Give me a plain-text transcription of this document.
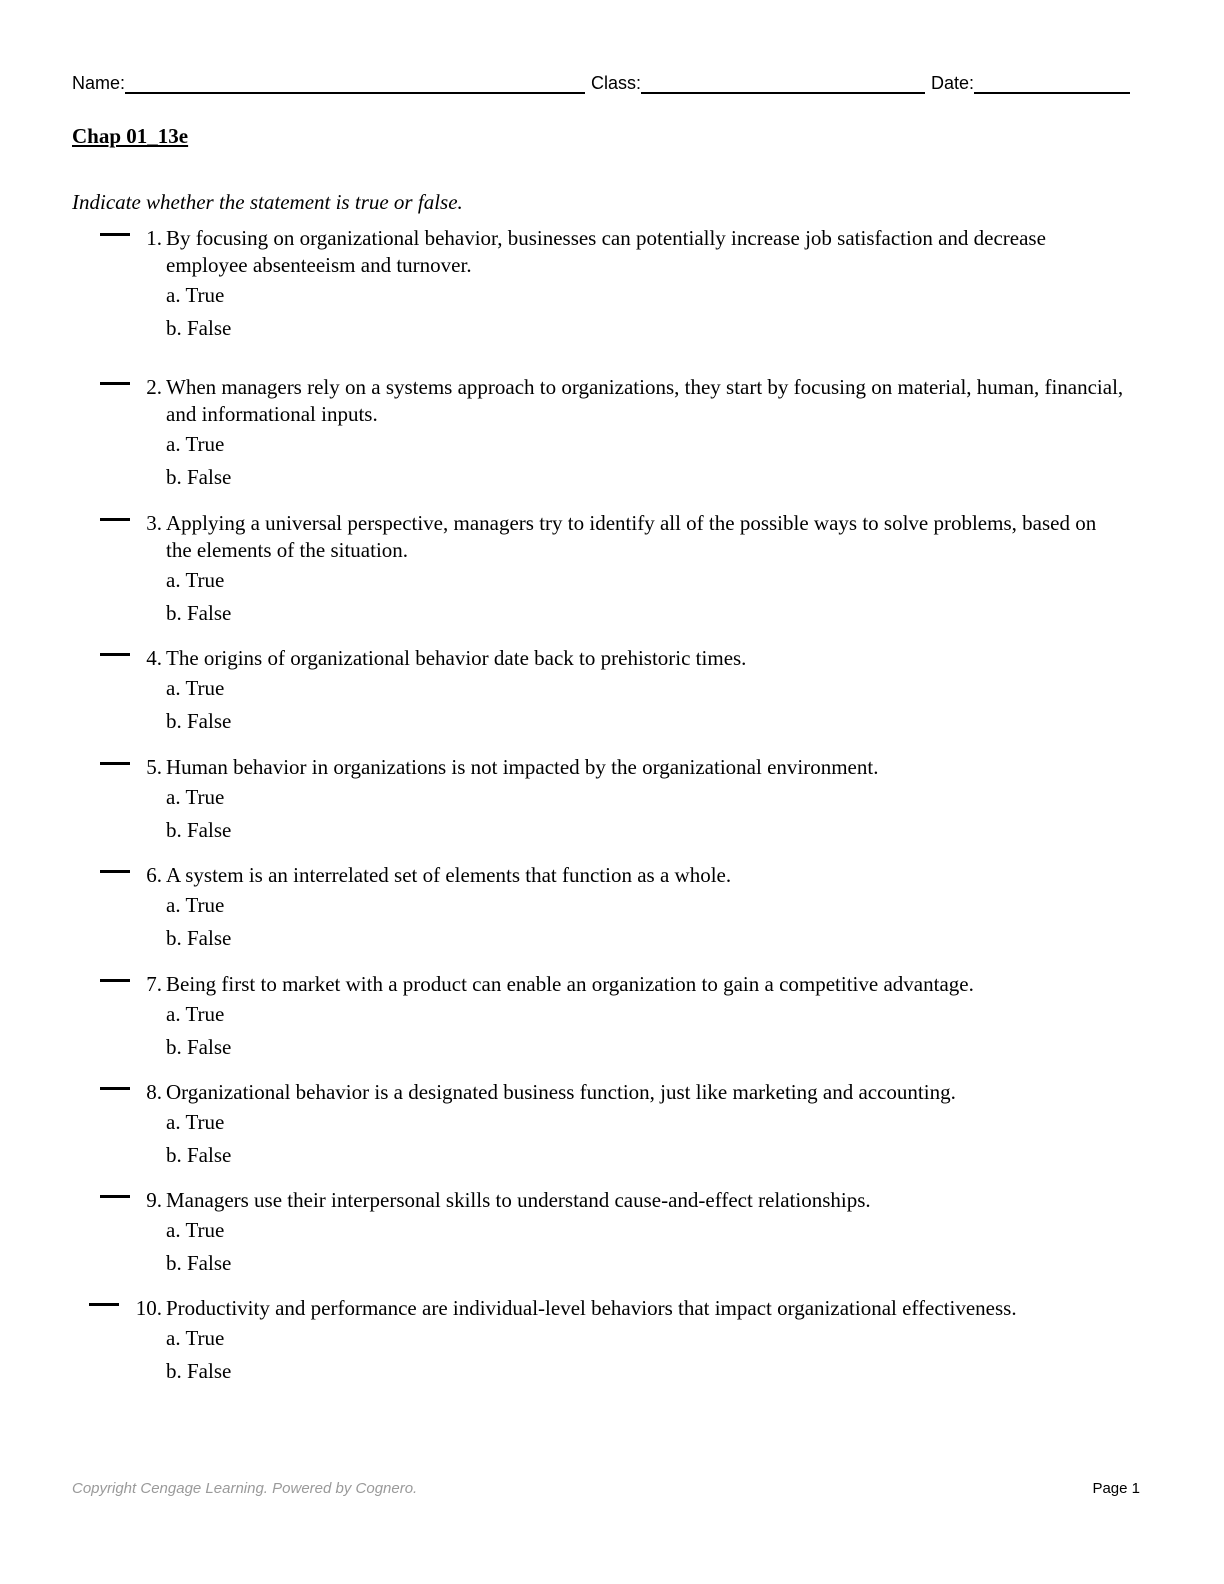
Name:	Class:	Date:
Chap 01_13e
Indicate whether the statement is true or false.
1. By focusing on organizational behavior, businesses can potentially increase job satisfaction and decrease employee absenteeism and turnover.
a. True
b. False
2. When managers rely on a systems approach to organizations, they start by focusing on material, human, financial, and informational inputs.
a. True
b. False
3. Applying a universal perspective, managers try to identify all of the possible ways to solve problems, based on the elements of the situation.
a. True
b. False
4. The origins of organizational behavior date back to prehistoric times.
a. True
b. False
5. Human behavior in organizations is not impacted by the organizational environment.
a. True
b. False
6. A system is an interrelated set of elements that function as a whole.
a. True
b. False
7. Being first to market with a product can enable an organization to gain a competitive advantage.
a. True
b. False
8. Organizational behavior is a designated business function, just like marketing and accounting.
a. True
b. False
9. Managers use their interpersonal skills to understand cause-and-effect relationships.
a. True
b. False
10. Productivity and performance are individual-level behaviors that impact organizational effectiveness.
a. True
b. False
Copyright Cengage Learning. Powered by Cognero.	Page 1
